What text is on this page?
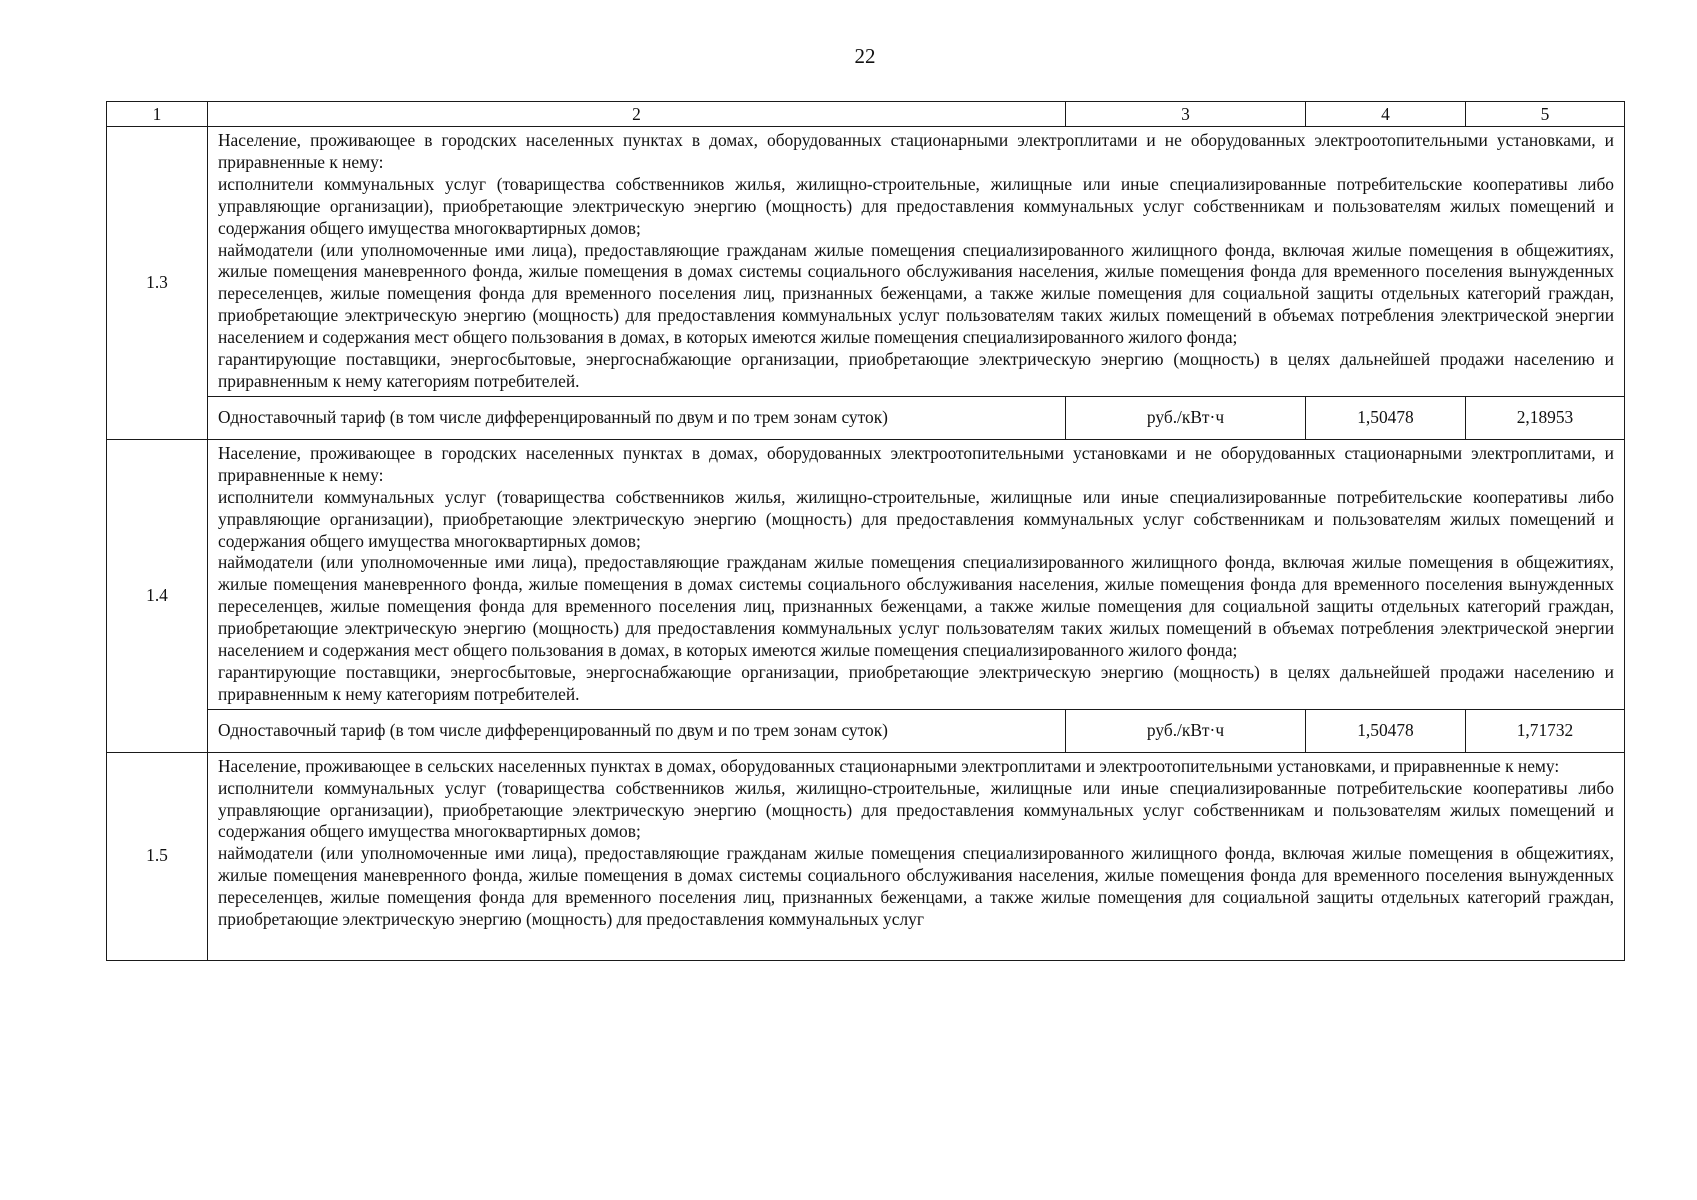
22
1	2	3	4	5
1.3	Население, проживающее в городских населенных пунктах в домах, оборудованных стационарными электроплитами и не оборудованных электроотопительными установками, и приравненные к нему:

исполнители коммунальных услуг (товарищества собственников жилья, жилищно-строительные, жилищные или иные специализированные потребительские кооперативы либо управляющие организации), приобретающие электрическую энергию (мощность) для предоставления коммунальных услуг собственникам и пользователям жилых помещений и содержания общего имущества многоквартирных домов;

наймодатели (или уполномоченные ими лица), предоставляющие гражданам жилые помещения специализированного жилищного фонда, включая жилые помещения в общежитиях, жилые помещения маневренного фонда, жилые помещения в домах системы социального обслуживания населения, жилые помещения фонда для временного поселения вынужденных переселенцев, жилые помещения фонда для временного поселения лиц, признанных беженцами, а также жилые помещения для социальной защиты отдельных категорий граждан, приобретающие электрическую энергию (мощность) для предоставления коммунальных услуг пользователям таких жилых помещений в объемах потребления электрической энергии населением и содержания мест общего пользования в домах, в которых имеются жилые помещения специализированного жилого фонда;

гарантирующие поставщики, энергосбытовые, энергоснабжающие организации, приобретающие электрическую энергию (мощность) в целях дальнейшей продажи населению и приравненным к нему категориям потребителей.			

	Одноставочный тариф (в том числе дифференцированный по двум и по трем зонам суток)	руб./кВт·ч	1,50478	2,18953
1.4	Население, проживающее в городских населенных пунктах в домах, оборудованных электроотопительными установками и не оборудованных стационарными электроплитами, и приравненные к нему:

исполнители коммунальных услуг (товарищества собственников жилья, жилищно-строительные, жилищные или иные специализированные потребительские кооперативы либо управляющие организации), приобретающие электрическую энергию (мощность) для предоставления коммунальных услуг собственникам и пользователям жилых помещений и содержания общего имущества многоквартирных домов;

наймодатели (или уполномоченные ими лица), предоставляющие гражданам жилые помещения специализированного жилищного фонда, включая жилые помещения в общежитиях, жилые помещения маневренного фонда, жилые помещения в домах системы социального обслуживания населения, жилые помещения фонда для временного поселения вынужденных переселенцев, жилые помещения фонда для временного поселения лиц, признанных беженцами, а также жилые помещения для социальной защиты отдельных категорий граждан, приобретающие электрическую энергию (мощность) для предоставления коммунальных услуг пользователям таких жилых помещений в объемах потребления электрической энергии населением и содержания мест общего пользования в домах, в которых имеются жилые помещения специализированного жилого фонда;

гарантирующие поставщики, энергосбытовые, энергоснабжающие организации, приобретающие электрическую энергию (мощность) в целях дальнейшей продажи населению и приравненным к нему категориям потребителей.			

	Одноставочный тариф (в том числе дифференцированный по двум и по трем зонам суток)	руб./кВт·ч	1,50478	1,71732
1.5	Население, проживающее в сельских населенных пунктах в домах, оборудованных стационарными электроплитами и электроотопительными установками, и приравненные к нему:

исполнители коммунальных услуг (товарищества собственников жилья, жилищно-строительные, жилищные или иные специализированные потребительские кооперативы либо управляющие организации), приобретающие электрическую энергию (мощность) для предоставления коммунальных услуг собственникам и пользователям жилых помещений и содержания общего имущества многоквартирных домов;

наймодатели (или уполномоченные ими лица), предоставляющие гражданам жилые помещения специализированного жилищного фонда, включая жилые помещения в общежитиях, жилые помещения маневренного фонда, жилые помещения в домах системы социального обслуживания населения, жилые помещения фонда для временного поселения вынужденных переселенцев, жилые помещения фонда для временного поселения лиц, признанных беженцами, а также жилые помещения для социальной защиты отдельных категорий граждан, приобретающие электрическую энергию (мощность) для предоставления коммунальных услуг			
